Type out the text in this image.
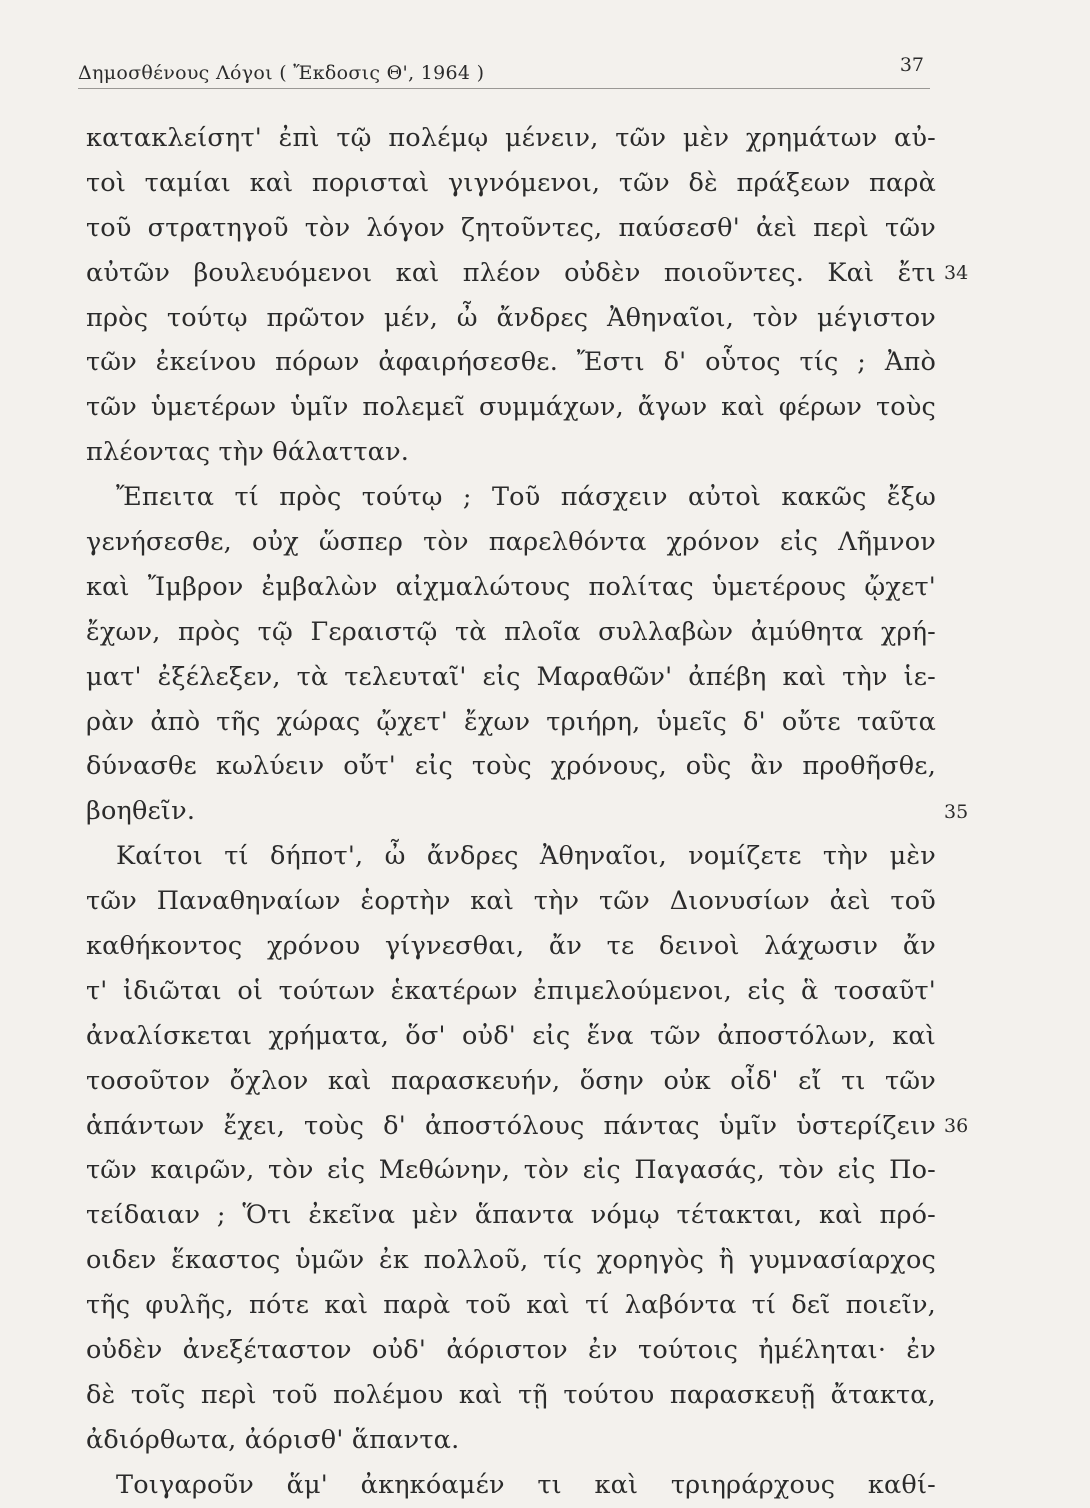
Δημοσθένους Λόγοι ( Ἔκδοσις Θ', 1964 )	37
κατακλείσητ' ἐπὶ τῷ πολέμῳ μένειν, τῶν μὲν χρημάτων αὐ-
τοὶ ταμίαι καὶ πορισταὶ γιγνόμενοι, τῶν δὲ πράξεων παρὰ
τοῦ στρατηγοῦ τὸν λόγον ζητοῦντες, παύσεσθ' ἀεὶ περὶ τῶν
αὐτῶν βουλευόμενοι καὶ πλέον οὐδὲν ποιοῦντες. Καὶ ἔτι
πρὸς τούτῳ πρῶτον μέν, ὦ ἄνδρες Ἀθηναῖοι, τὸν μέγιστον
τῶν ἐκείνου πόρων ἀφαιρήσεσθε. Ἔστι δ' οὗτος τίς ; Ἀπὸ
τῶν ὑμετέρων ὑμῖν πολεμεῖ συμμάχων, ἄγων καὶ φέρων τοὺς
πλέοντας τὴν θάλατταν.
Ἔπειτα τί πρὸς τούτῳ ; Τοῦ πάσχειν αὐτοὶ κακῶς ἔξω
γενήσεσθε, οὐχ ὥσπερ τὸν παρελθόντα χρόνον εἰς Λῆμνον
καὶ Ἴμβρον ἐμβαλὼν αἰχμαλώτους πολίτας ὑμετέρους ᾤχετ'
ἔχων, πρὸς τῷ Γεραιστῷ τὰ πλοῖα συλλαβὼν ἀμύθητα χρή-
ματ' ἐξέλεξεν, τὰ τελευταῖ' εἰς Μαραθῶν' ἀπέβη καὶ τὴν ἱε-
ρὰν ἀπὸ τῆς χώρας ᾤχετ' ἔχων τριήρη, ὑμεῖς δ' οὔτε ταῦτα
δύνασθε κωλύειν οὔτ' εἰς τοὺς χρόνους, οὓς ἂν προθῆσθε,
βοηθεῖν.
Καίτοι τί δήποτ', ὦ ἄνδρες Ἀθηναῖοι, νομίζετε τὴν μὲν
τῶν Παναθηναίων ἑορτὴν καὶ τὴν τῶν Διονυσίων ἀεὶ τοῦ
καθήκοντος χρόνου γίγνεσθαι, ἄν τε δεινοὶ λάχωσιν ἄν
τ' ἰδιῶται οἱ τούτων ἑκατέρων ἐπιμελούμενοι, εἰς ἃ τοσαῦτ'
ἀναλίσκεται χρήματα, ὅσ' οὐδ' εἰς ἕνα τῶν ἀποστόλων, καὶ
τοσοῦτον ὄχλον καὶ παρασκευήν, ὅσην οὐκ οἶδ' εἴ τι τῶν
ἁπάντων ἔχει, τοὺς δ' ἀποστόλους πάντας ὑμῖν ὑστερίζειν
τῶν καιρῶν, τὸν εἰς Μεθώνην, τὸν εἰς Παγασάς, τὸν εἰς Πο-
τείδαιαν ; Ὅτι ἐκεῖνα μὲν ἅπαντα νόμῳ τέτακται, καὶ πρό-
οιδεν ἕκαστος ὑμῶν ἐκ πολλοῦ, τίς χορηγὸς ἢ γυμνασίαρχος
τῆς φυλῆς, πότε καὶ παρὰ τοῦ καὶ τί λαβόντα τί δεῖ ποιεῖν,
οὐδὲν ἀνεξέταστον οὐδ' ἀόριστον ἐν τούτοις ἠμέληται· ἐν
δὲ τοῖς περὶ τοῦ πολέμου καὶ τῇ τούτου παρασκευῇ ἄτακτα,
ἀδιόρθωτα, ἀόρισθ' ἅπαντα.
Τοιγαροῦν ἅμ' ἀκηκόαμέν τι καὶ τριηράρχους καθί-
34
35
36
